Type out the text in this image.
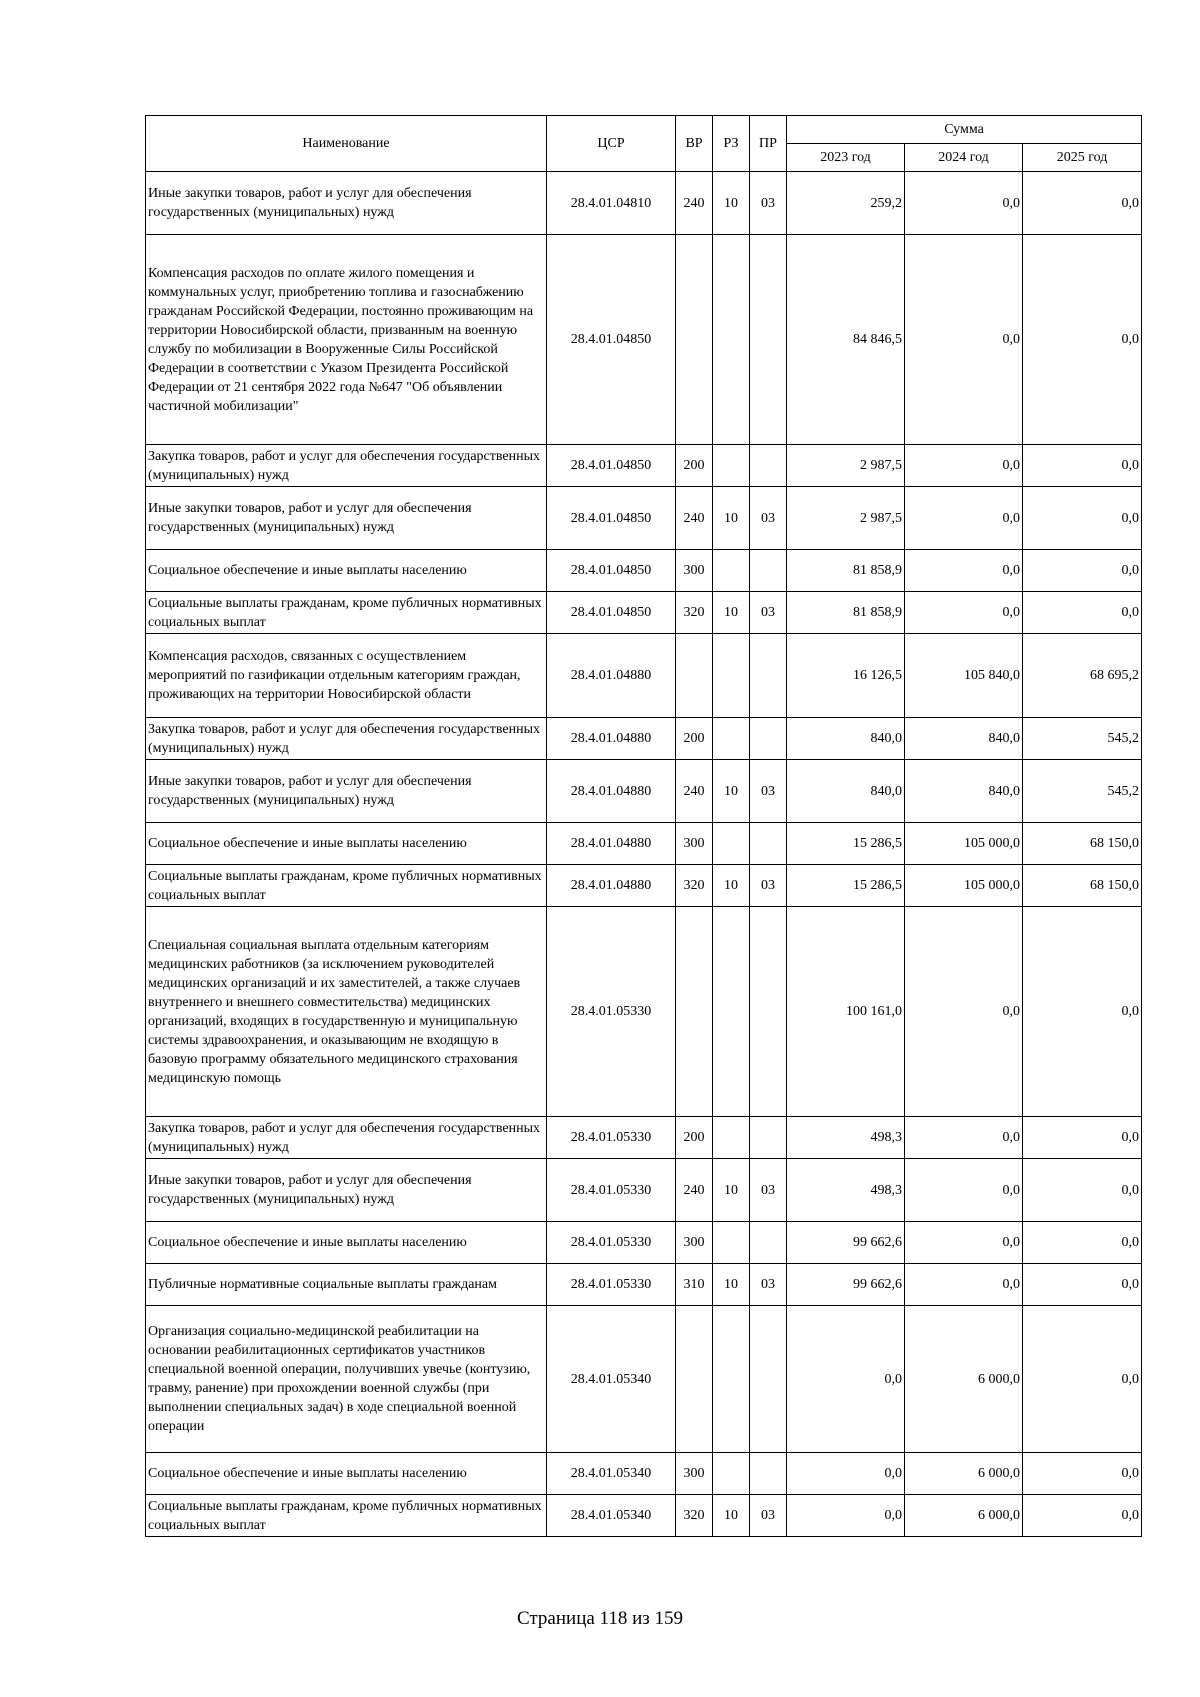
Наименование	ЦСР	ВР	РЗ	ПР	Сумма		
					2023 год	2024 год	2025 год
Иные закупки товаров, работ и услуг для обеспечения государственных (муниципальных) нужд	28.4.01.04810	240	10	03	259,2	0,0	0,0
Компенсация расходов по оплате жилого помещения и коммунальных услуг, приобретению топлива и газоснабжению гражданам Российской Федерации, постоянно проживающим на территории Новосибирской области, призванным на военную службу по мобилизации в Вооруженные Силы Российской Федерации в соответствии с Указом Президента Российской Федерации от 21 сентября 2022 года №647 "Об объявлении частичной мобилизации"	28.4.01.04850				84 846,5	0,0	0,0
Закупка товаров, работ и услуг для обеспечения государственных (муниципальных) нужд	28.4.01.04850	200			2 987,5	0,0	0,0
Иные закупки товаров, работ и услуг для обеспечения государственных (муниципальных) нужд	28.4.01.04850	240	10	03	2 987,5	0,0	0,0
Социальное обеспечение и иные выплаты населению	28.4.01.04850	300			81 858,9	0,0	0,0
Социальные выплаты гражданам, кроме публичных нормативных социальных выплат	28.4.01.04850	320	10	03	81 858,9	0,0	0,0
Компенсация расходов, связанных с осуществлением мероприятий по газификации отдельным категориям граждан, проживающих на территории Новосибирской области	28.4.01.04880				16 126,5	105 840,0	68 695,2
Закупка товаров, работ и услуг для обеспечения государственных (муниципальных) нужд	28.4.01.04880	200			840,0	840,0	545,2
Иные закупки товаров, работ и услуг для обеспечения государственных (муниципальных) нужд	28.4.01.04880	240	10	03	840,0	840,0	545,2
Социальное обеспечение и иные выплаты населению	28.4.01.04880	300			15 286,5	105 000,0	68 150,0
Социальные выплаты гражданам, кроме публичных нормативных социальных выплат	28.4.01.04880	320	10	03	15 286,5	105 000,0	68 150,0
Специальная социальная выплата отдельным категориям медицинских работников (за исключением руководителей медицинских организаций и их заместителей, а также случаев внутреннего и внешнего совместительства) медицинских организаций, входящих в государственную и муниципальную системы здравоохранения, и оказывающим не входящую в базовую программу обязательного медицинского страхования медицинскую помощь	28.4.01.05330				100 161,0	0,0	0,0
Закупка товаров, работ и услуг для обеспечения государственных (муниципальных) нужд	28.4.01.05330	200			498,3	0,0	0,0
Иные закупки товаров, работ и услуг для обеспечения государственных (муниципальных) нужд	28.4.01.05330	240	10	03	498,3	0,0	0,0
Социальное обеспечение и иные выплаты населению	28.4.01.05330	300			99 662,6	0,0	0,0
Публичные нормативные социальные выплаты гражданам	28.4.01.05330	310	10	03	99 662,6	0,0	0,0
Организация социально-медицинской реабилитации на основании реабилитационных сертификатов участников специальной военной операции, получивших увечье (контузию, травму, ранение) при прохождении военной службы (при выполнении специальных задач) в ходе специальной военной операции	28.4.01.05340				0,0	6 000,0	0,0
Социальное обеспечение и иные выплаты населению	28.4.01.05340	300			0,0	6 000,0	0,0
Социальные выплаты гражданам, кроме публичных нормативных социальных выплат	28.4.01.05340	320	10	03	0,0	6 000,0	0,0
Страница 118 из 159
